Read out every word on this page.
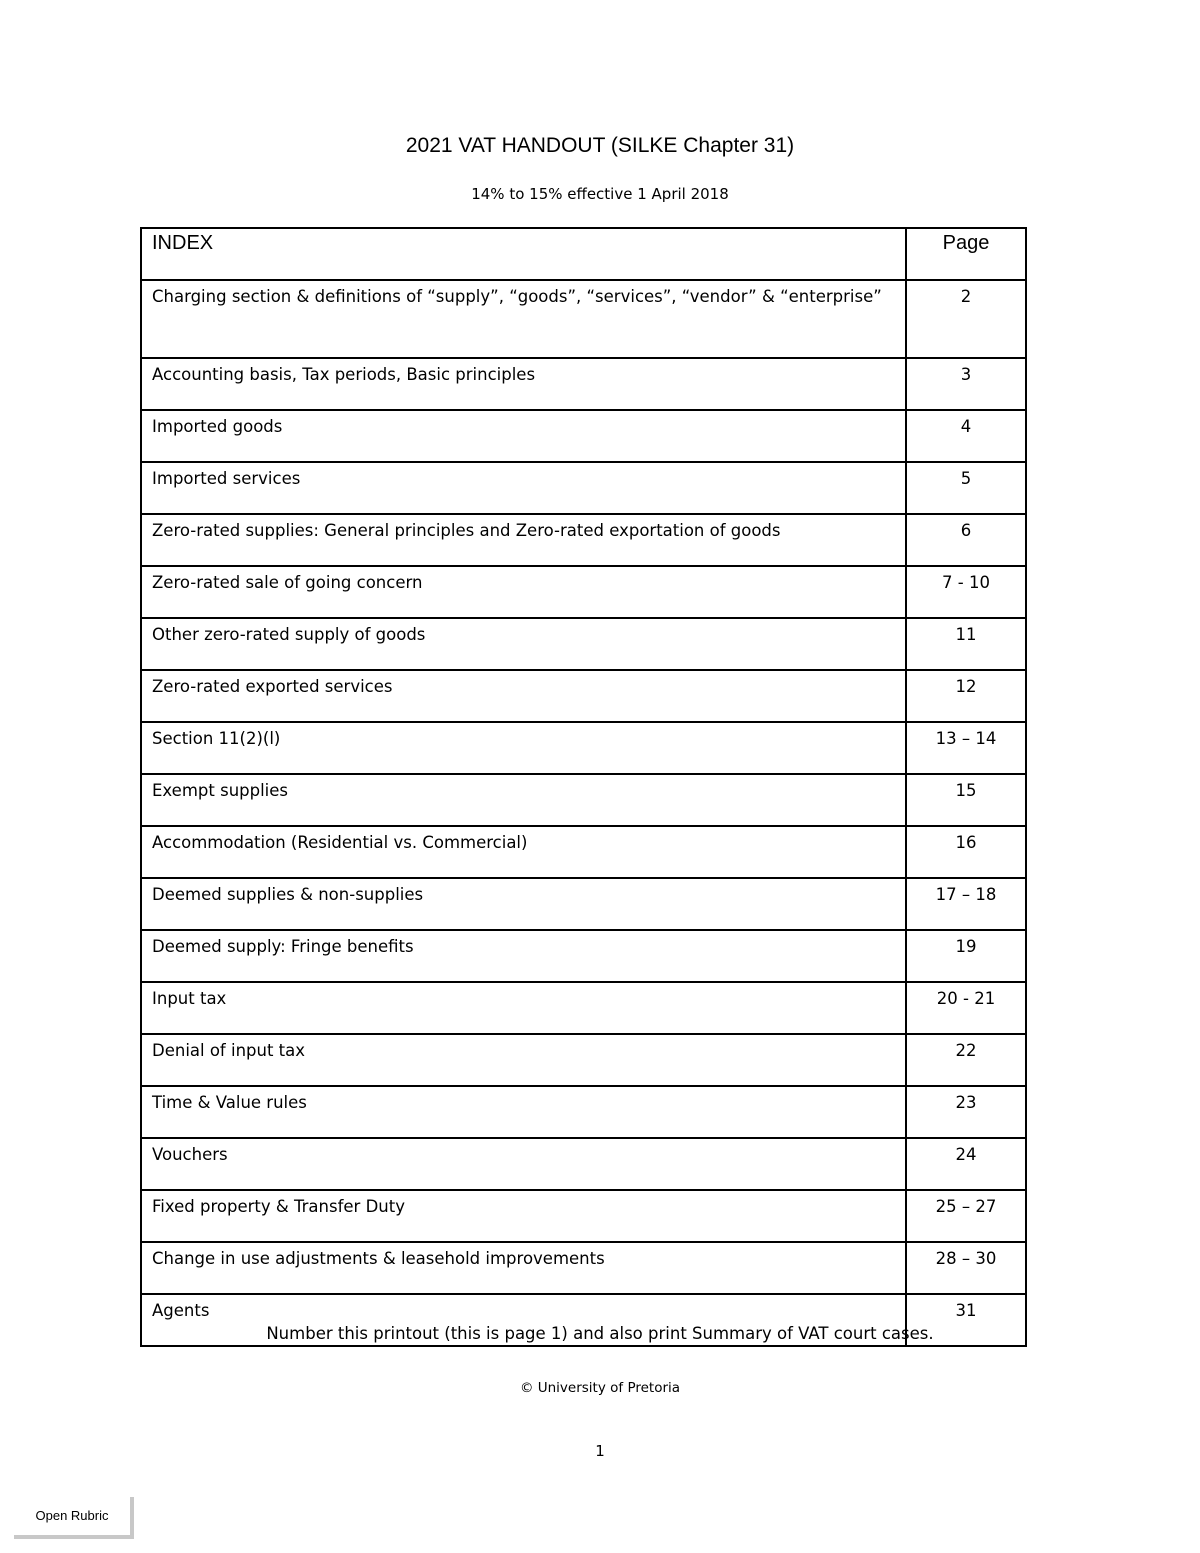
2021 VAT HANDOUT (SILKE Chapter 31)
14% to 15% effective 1 April 2018
INDEX	Page
Charging section & definitions of “supply”, “goods”, “services”, “vendor” & “enterprise”	2
Accounting basis, Tax periods, Basic principles	3
Imported goods	4
Imported services	5
Zero-rated supplies: General principles and Zero-rated exportation of goods	6
Zero-rated sale of going concern	7 - 10
Other zero-rated supply of goods	11
Zero-rated exported services	12
Section 11(2)(l)	13 – 14
Exempt supplies	15
Accommodation (Residential vs. Commercial)	16
Deemed supplies & non-supplies	17 – 18
Deemed supply: Fringe benefits	19
Input tax	20 - 21
Denial of input tax	22
Time & Value rules	23
Vouchers	24
Fixed property & Transfer Duty	25 – 27
Change in use adjustments & leasehold improvements	28 – 30
Agents	31
Number this printout (this is page 1) and also print Summary of VAT court cases.
© University of Pretoria
1
Open Rubric
